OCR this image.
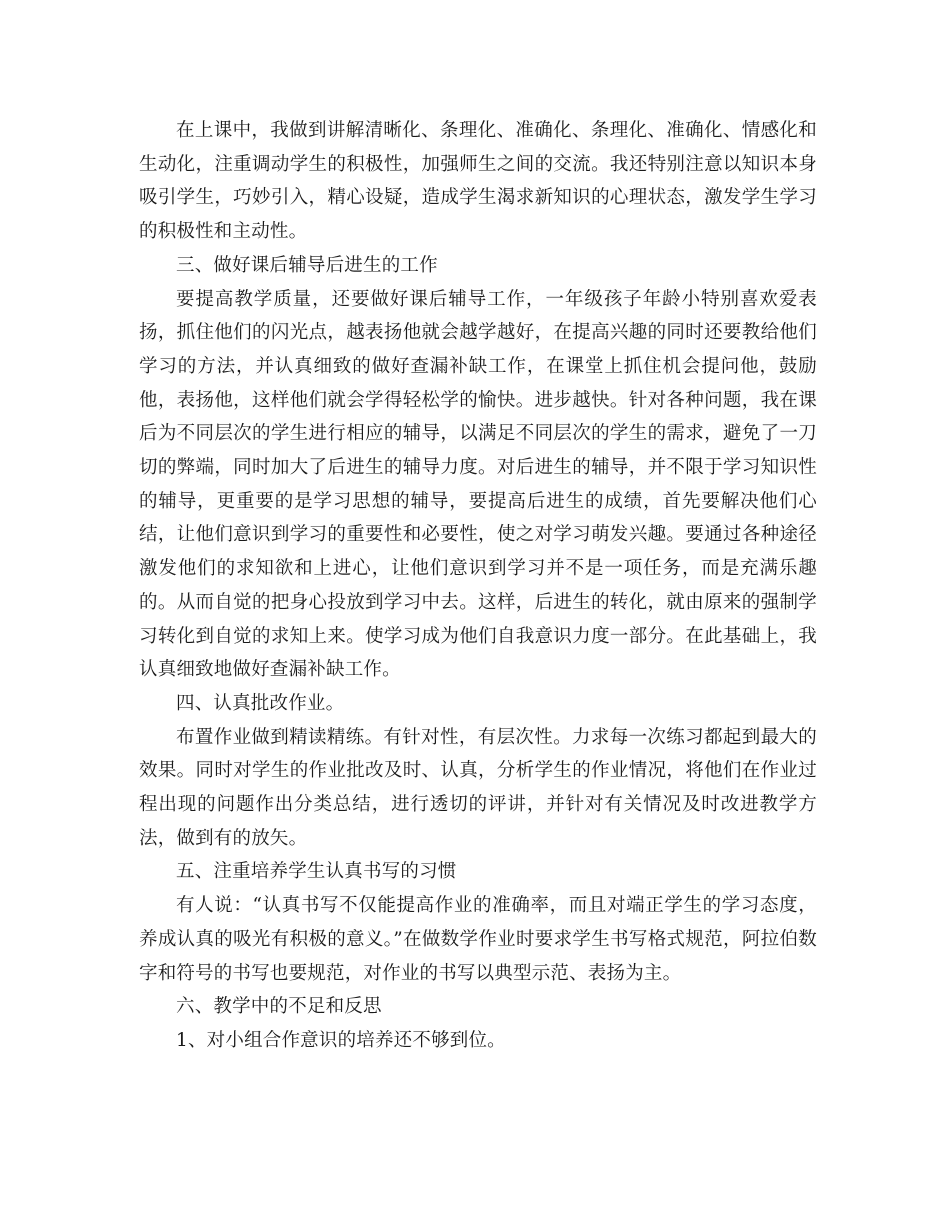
在上课中，我做到讲解清晰化、条理化、准确化、条理化、准确化、情感化和生动化，注重调动学生的积极性，加强师生之间的交流。我还特别注意以知识本身吸引学生，巧妙引入，精心设疑，造成学生渴求新知识的心理状态，激发学生学习的积极性和主动性。

三、做好课后辅导后进生的工作

要提高教学质量，还要做好课后辅导工作，一年级孩子年龄小特别喜欢爱表扬，抓住他们的闪光点，越表扬他就会越学越好，在提高兴趣的同时还要教给他们学习的方法，并认真细致的做好查漏补缺工作，在课堂上抓住机会提问他，鼓励他，表扬他，这样他们就会学得轻松学的愉快。进步越快。针对各种问题，我在课后为不同层次的学生进行相应的辅导，以满足不同层次的学生的需求，避免了一刀切的弊端，同时加大了后进生的辅导力度。对后进生的辅导，并不限于学习知识性的辅导，更重要的是学习思想的辅导，要提高后进生的成绩，首先要解决他们心结，让他们意识到学习的重要性和必要性，使之对学习萌发兴趣。要通过各种途径激发他们的求知欲和上进心，让他们意识到学习并不是一项任务，而是充满乐趣的。从而自觉的把身心投放到学习中去。这样，后进生的转化，就由原来的强制学习转化到自觉的求知上来。使学习成为他们自我意识力度一部分。在此基础上，我认真细致地做好查漏补缺工作。

四、认真批改作业。

布置作业做到精读精练。有针对性，有层次性。力求每一次练习都起到最大的效果。同时对学生的作业批改及时、认真，分析学生的作业情况，将他们在作业过程出现的问题作出分类总结，进行透切的评讲，并针对有关情况及时改进教学方法，做到有的放矢。

五、注重培养学生认真书写的习惯

有人说：“认真书写不仅能提高作业的准确率，而且对端正学生的学习态度，养成认真的吸光有积极的意义。”在做数学作业时要求学生书写格式规范，阿拉伯数字和符号的书写也要规范，对作业的书写以典型示范、表扬为主。

六、教学中的不足和反思

1、对小组合作意识的培养还不够到位。
